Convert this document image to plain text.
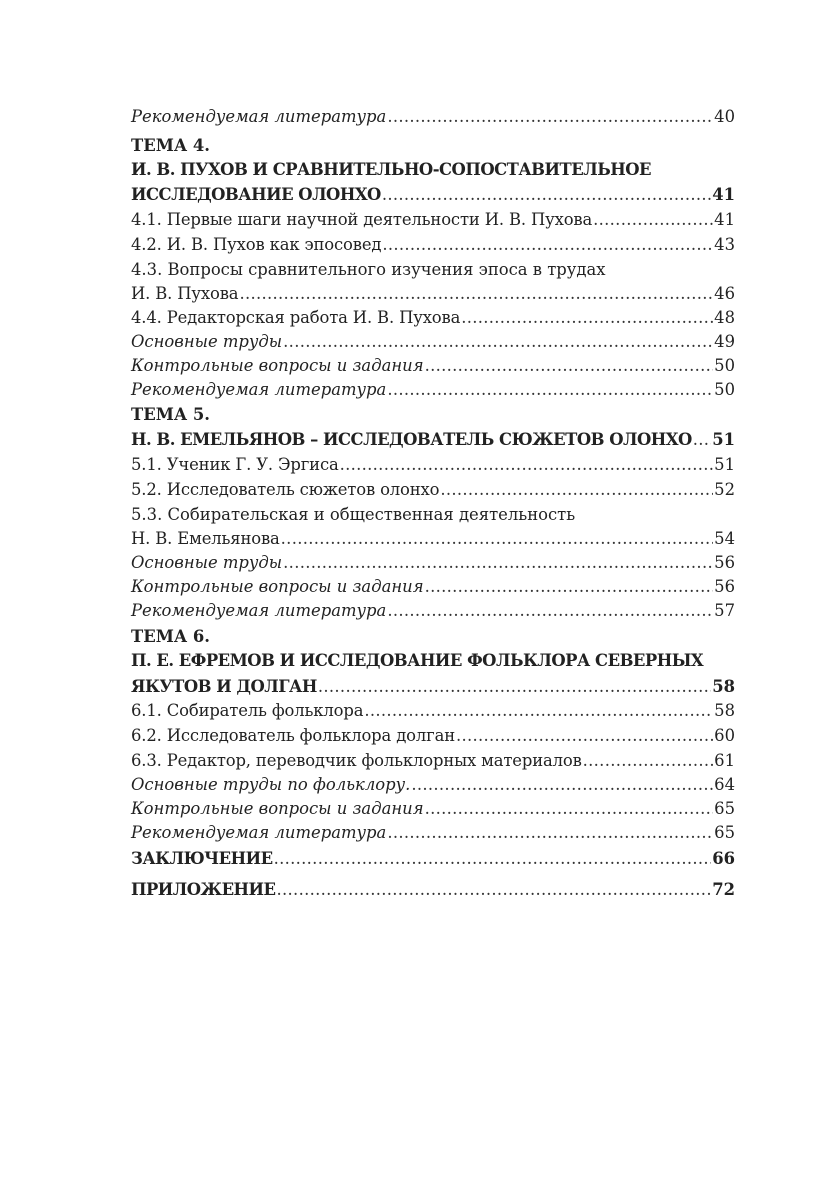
Рекомендуемая литература .....	40
ТЕМА 4.
И. В. ПУХОВ И СРАВНИТЕЛЬНО-СОПОСТАВИТЕЛЬНОЕ
ИССЛЕДОВАНИЕ ОЛОНХО .....	41
4.1. Первые шаги научной деятельности И. В. Пухова .....	41
4.2. И. В. Пухов как эпосовед .....	43
4.3. Вопросы сравнительного изучения эпоса в трудах
И. В. Пухова .....	46
4.4. Редакторская работа И. В. Пухова .....	48
Основные труды .....	49
Контрольные вопросы и задания .....	50
Рекомендуемая литература .....	50
ТЕМА 5.
Н. В. ЕМЕЛЬЯНОВ – ИССЛЕДОВАТЕЛЬ СЮЖЕТОВ ОЛОНХО ..... 51
5.1. Ученик Г. У. Эргиса .....	51
5.2. Исследователь сюжетов олонхо .....	52
5.3. Собирательская и общественная деятельность
Н. В. Емельянова .....	54
Основные труды .....	56
Контрольные вопросы и задания .....	56
Рекомендуемая литература .....	57
ТЕМА 6.
П. Е. ЕФРЕМОВ И ИССЛЕДОВАНИЕ ФОЛЬКЛОРА СЕВЕРНЫХ
ЯКУТОВ И ДОЛГАН .....	58
6.1. Собиратель фольклора .....	58
6.2. Исследователь фольклора долган .....	60
6.3. Редактор, переводчик фольклорных материалов .....	61
Основные труды по фольклору. .....	64
Контрольные вопросы и задания .....	65
Рекомендуемая литература .....	65
ЗАКЛЮЧЕНИЕ .....	66
ПРИЛОЖЕНИЕ .....	72
